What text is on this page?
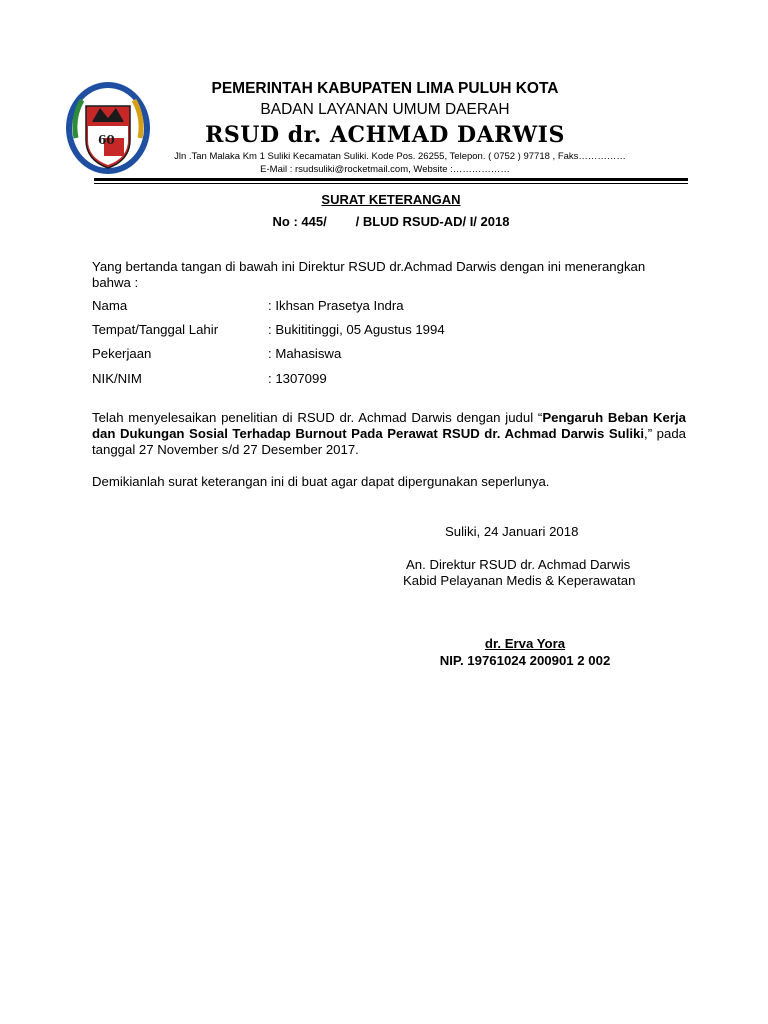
60
PEMERINTAH KABUPATEN LIMA PULUH KOTA
BADAN LAYANAN UMUM DAERAH
RSUD dr. ACHMAD DARWIS
Jln .Tan Malaka Km 1 Suliki Kecamatan Suliki. Kode Pos. 26255, Telepon. ( 0752 ) 97718 , Faks……………
E-Mail : rsudsuliki@rocketmail.com, Website :………………
SURAT KETERANGAN
No : 445/        / BLUD RSUD-AD/ I/ 2018
Yang bertanda tangan di bawah ini Direktur RSUD dr.Achmad Darwis dengan ini menerangkan bahwa :
Nama	: Ikhsan Prasetya Indra
Tempat/Tanggal Lahir	: Bukititinggi, 05 Agustus 1994
Pekerjaan	: Mahasiswa
NIK/NIM	: 1307099
Telah menyelesaikan penelitian di RSUD dr. Achmad Darwis dengan judul “Pengaruh Beban Kerja dan Dukungan Sosial Terhadap Burnout Pada Perawat RSUD dr. Achmad Darwis Suliki,” pada tanggal 27 November s/d 27 Desember 2017.
Demikianlah surat keterangan ini di buat agar dapat dipergunakan seperlunya.
Suliki, 24 Januari 2018
An. Direktur RSUD dr. Achmad Darwis
Kabid Pelayanan Medis & Keperawatan
dr. Erva Yora
NIP. 19761024 200901 2 002
